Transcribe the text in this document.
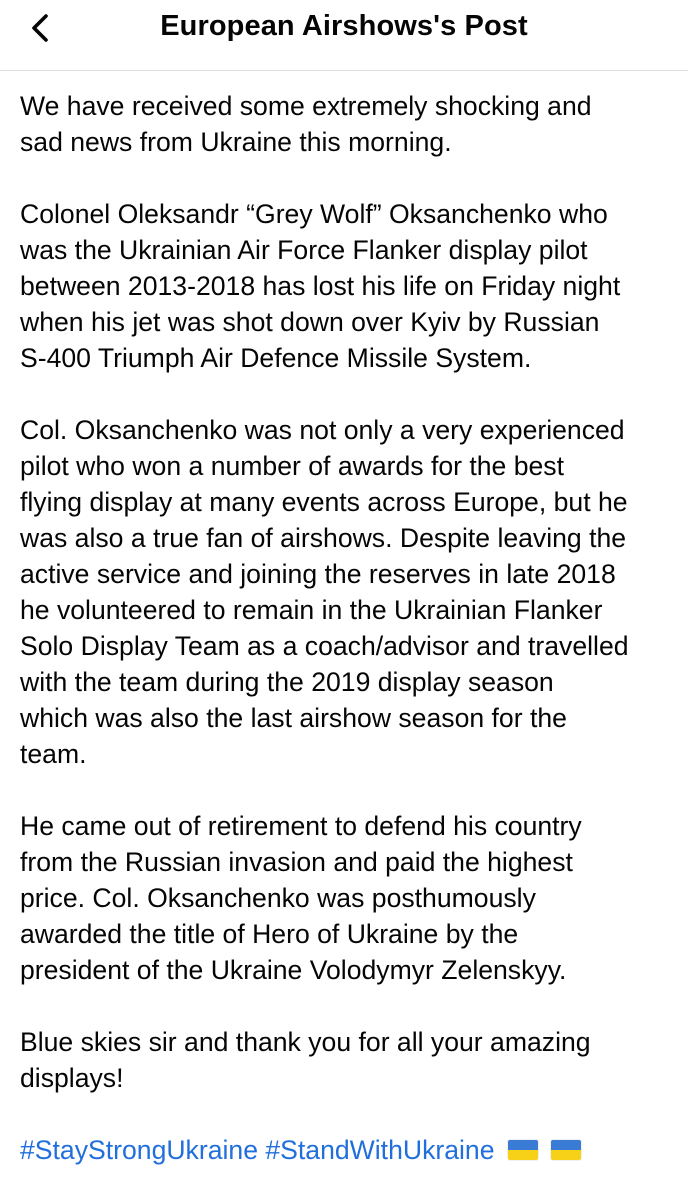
European Airshows's Post

We have received some extremely shocking and
sad news from Ukraine this morning.

Colonel Oleksandr “Grey Wolf” Oksanchenko who
was the Ukrainian Air Force Flanker display pilot
between 2013-2018 has lost his life on Friday night
when his jet was shot down over Kyiv by Russian
S-400 Triumph Air Defence Missile System.

Col. Oksanchenko was not only a very experienced
pilot who won a number of awards for the best
flying display at many events across Europe, but he
was also a true fan of airshows. Despite leaving the
active service and joining the reserves in late 2018
he volunteered to remain in the Ukrainian Flanker
Solo Display Team as a coach/advisor and travelled
with the team during the 2019 display season
which was also the last airshow season for the
team.

He came out of retirement to defend his country
from the Russian invasion and paid the highest
price. Col. Oksanchenko was posthumously
awarded the title of Hero of Ukraine by the
president of the Ukraine Volodymyr Zelenskyy.

Blue skies sir and thank you for all your amazing
displays!

#StayStrongUkraine #StandWithUkraine
